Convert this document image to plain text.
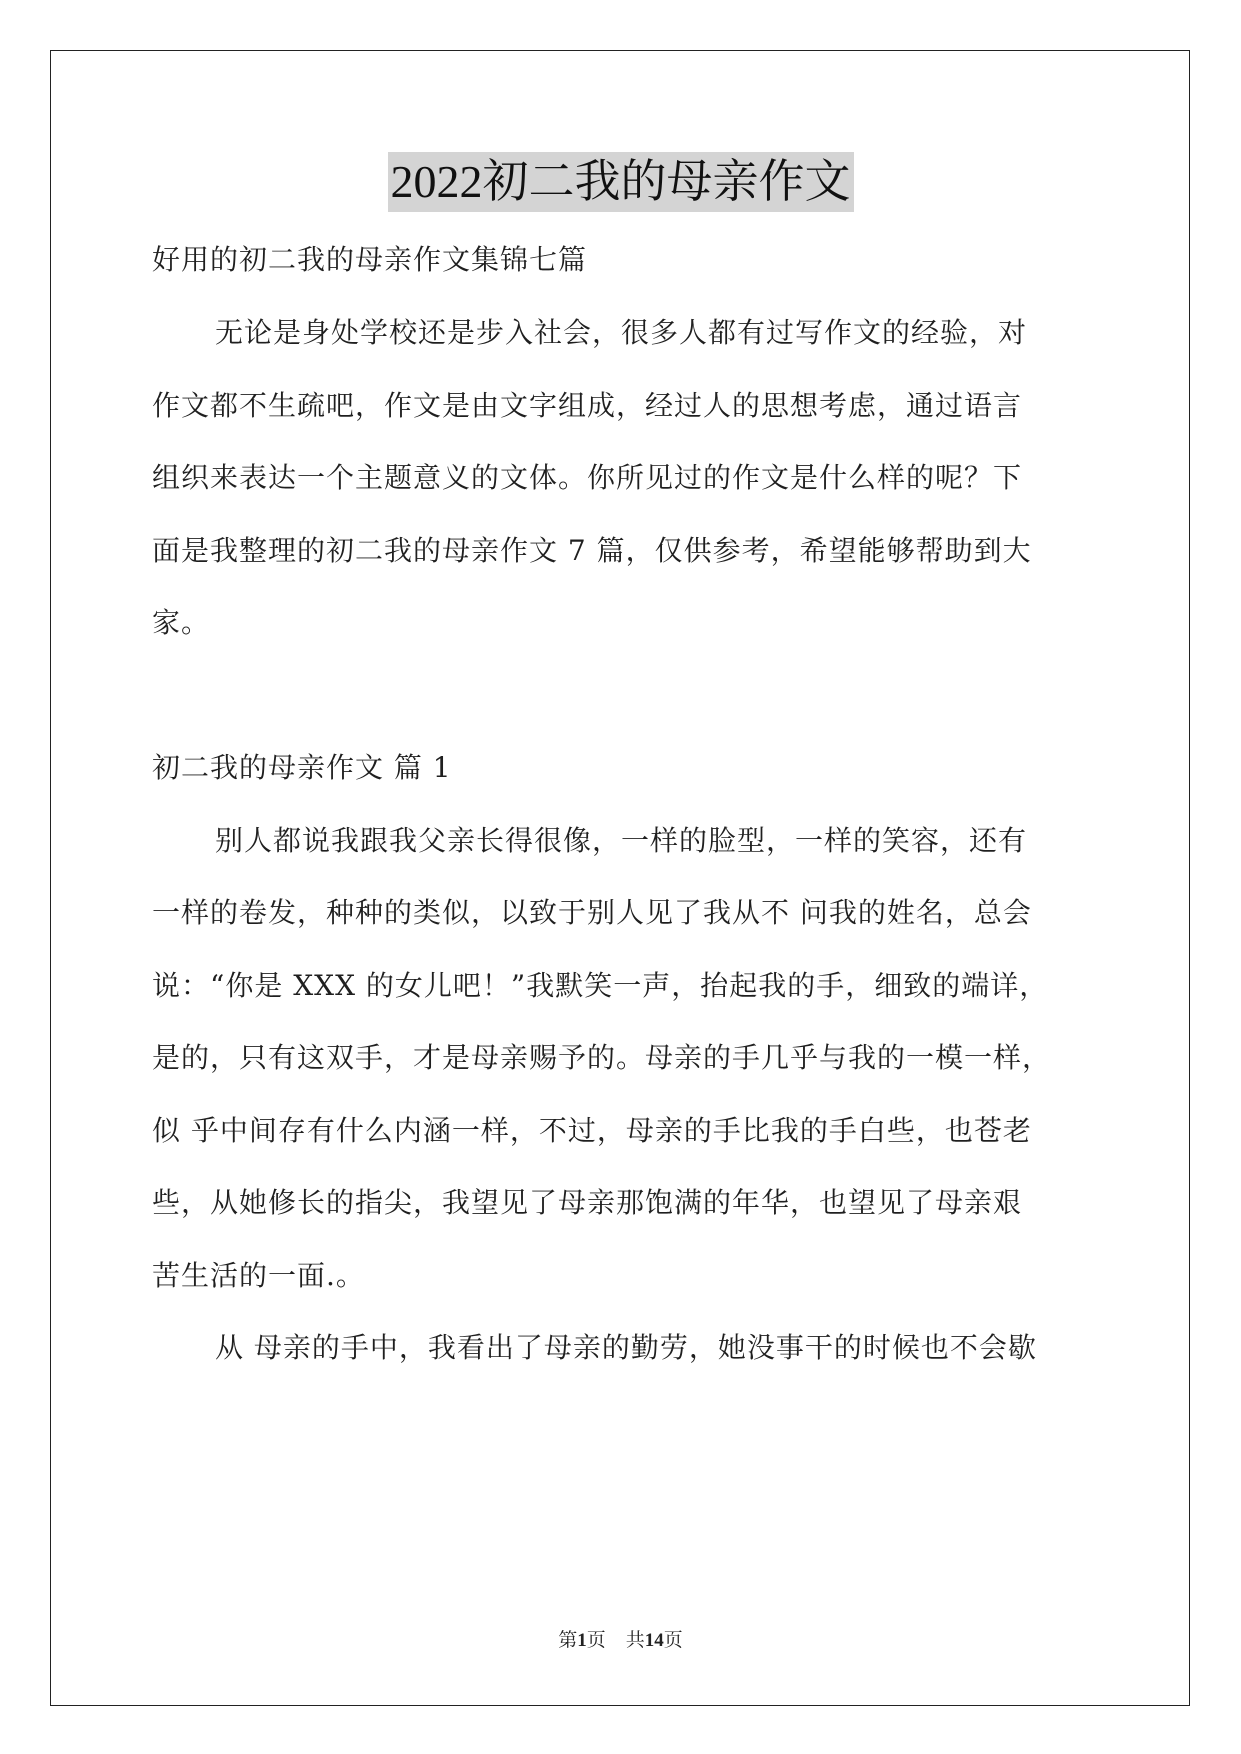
2022初二我的母亲作文
好用的初二我的母亲作文集锦七篇
无论是身处学校还是步入社会，很多人都有过写作文的经验，对
作文都不生疏吧，作文是由文字组成，经过人的思想考虑，通过语言
组织来表达一个主题意义的文体。你所见过的作文是什么样的呢？下
面是我整理的初二我的母亲作文 7 篇，仅供参考，希望能够帮助到大
家。
初二我的母亲作文 篇 1
别人都说我跟我父亲长得很像，一样的脸型，一样的笑容，还有
一样的卷发，种种的类似，以致于别人见了我从不 问我的姓名，总会
说：“你是 XXX 的女儿吧！”我默笑一声，抬起我的手，细致的端详，
是的，只有这双手，才是母亲赐予的。母亲的手几乎与我的一模一样，
似 乎中间存有什么内涵一样，不过，母亲的手比我的手白些，也苍老
些，从她修长的指尖，我望见了母亲那饱满的年华，也望见了母亲艰
苦生活的一面.。
从 母亲的手中，我看出了母亲的勤劳，她没事干的时候也不会歇
第1页 共14页
